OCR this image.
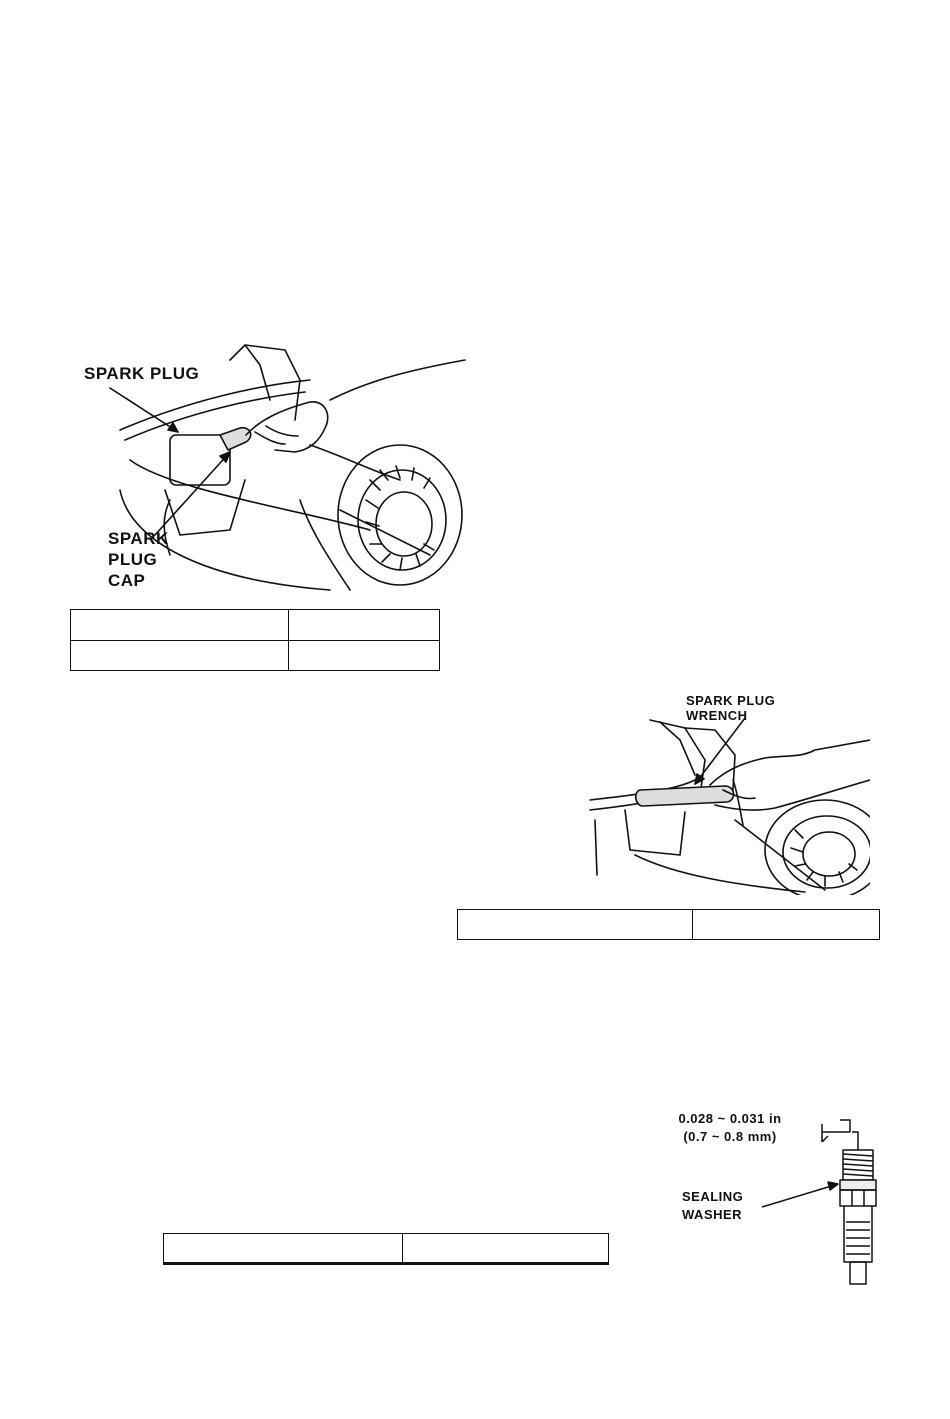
SPARK PLUG
SPARK
PLUG
CAP

SPARK PLUG
WRENCH

0.028 ~ 0.031 in
(0.7 ~ 0.8 mm)
SEALING
WASHER
